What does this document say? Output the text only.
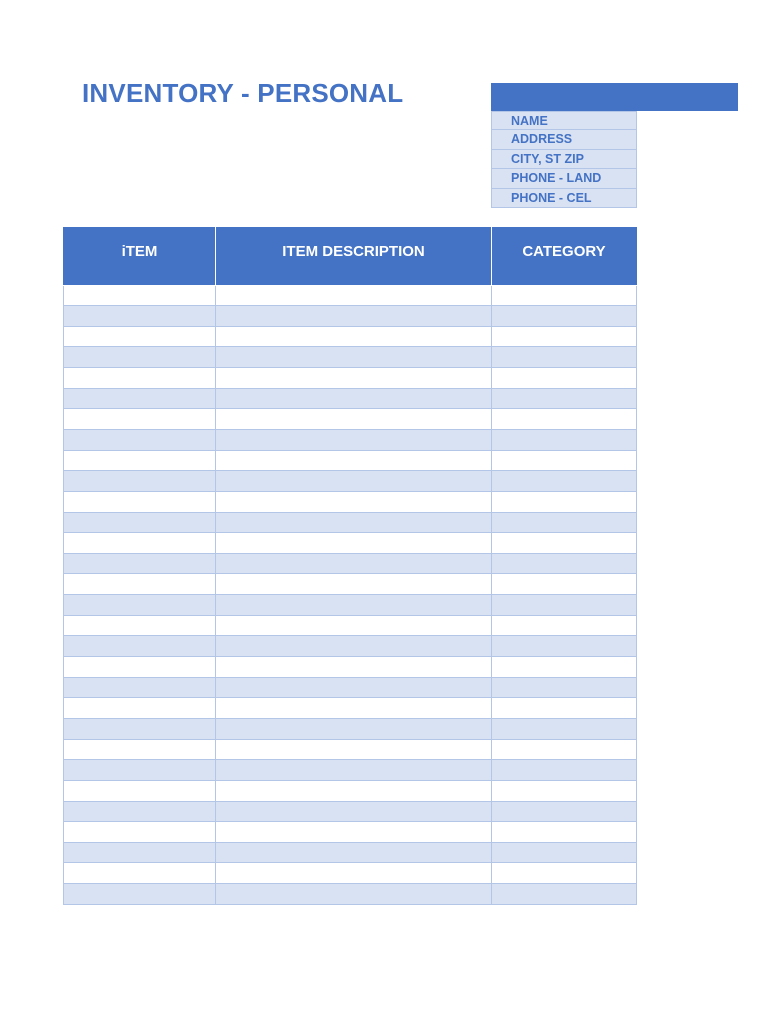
INVENTORY - PERSONAL
NAME
ADDRESS
CITY, ST ZIP
PHONE - LAND
PHONE - CEL
iTEM	ITEM DESCRIPTION	CATEGORY
